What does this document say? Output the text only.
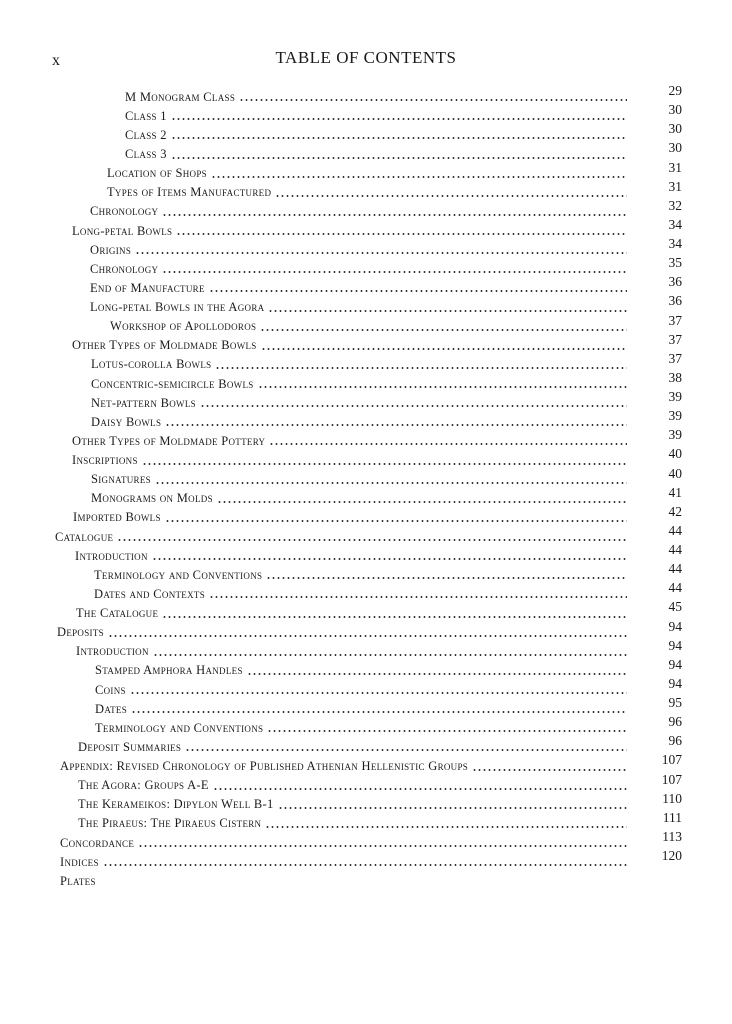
x	TABLE OF CONTENTS
M Monogram Class	29
Class 1	30
Class 2	30
Class 3	30
Location of Shops	31
Types of Items Manufactured	31
Chronology	32
Long-petal Bowls	34
Origins	34
Chronology	35
End of Manufacture	36
Long-petal Bowls in the Agora	36
Workshop of Apollodoros	37
Other Types of Moldmade Bowls	37
Lotus-corolla Bowls	37
Concentric-semicircle Bowls	38
Net-pattern Bowls	39
Daisy Bowls	39
Other Types of Moldmade Pottery	39
Inscriptions	40
Signatures	40
Monograms on Molds	41
Imported Bowls	42
Catalogue	44
Introduction	44
Terminology and Conventions	44
Dates and Contexts	44
The Catalogue	45
Deposits	94
Introduction	94
Stamped Amphora Handles	94
Coins	94
Dates	95
Terminology and Conventions	96
Deposit Summaries	96
Appendix: Revised Chronology of Published Athenian Hellenistic Groups	107
The Agora: Groups A-E	107
The Kerameikos: Dipylon Well B-1	110
The Piraeus: The Piraeus Cistern	111
Concordance	113
Indices	120
Plates
